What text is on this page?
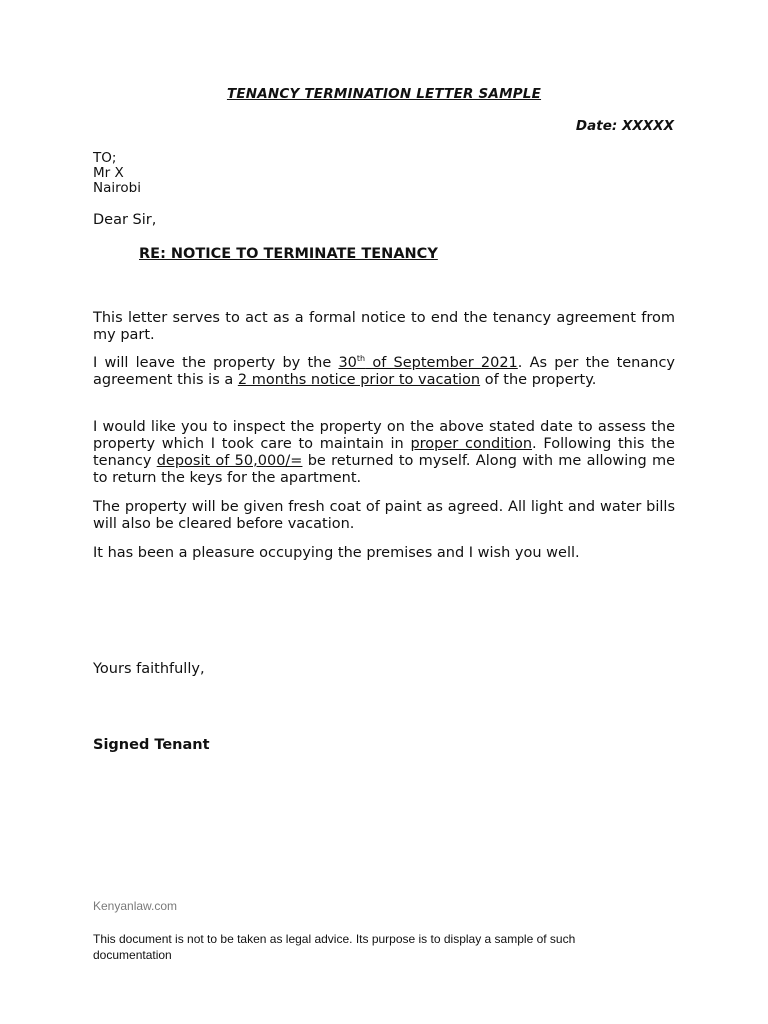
TENANCY TERMINATION LETTER SAMPLE
Date: XXXXX
TO;
Mr X
Nairobi
Dear Sir,
RE: NOTICE TO TERMINATE TENANCY
This letter serves to act as a formal notice to end the tenancy agreement from my part.
I will leave the property by the 30th of September 2021. As per the tenancy agreement this is a 2 months notice prior to vacation of the property.
I would like you to inspect the property on the above stated date to assess the property which I took care to maintain in proper condition. Following this the tenancy deposit of 50,000/= be returned to myself. Along with me allowing me to return the keys for the apartment.
The property will be given fresh coat of paint as agreed. All light and water bills will also be cleared before vacation.
It has been a pleasure occupying the premises and I wish you well.
Yours faithfully,
Signed Tenant
Kenyanlaw.com
This document is not to be taken as legal advice. Its purpose is to display a sample of such documentation
